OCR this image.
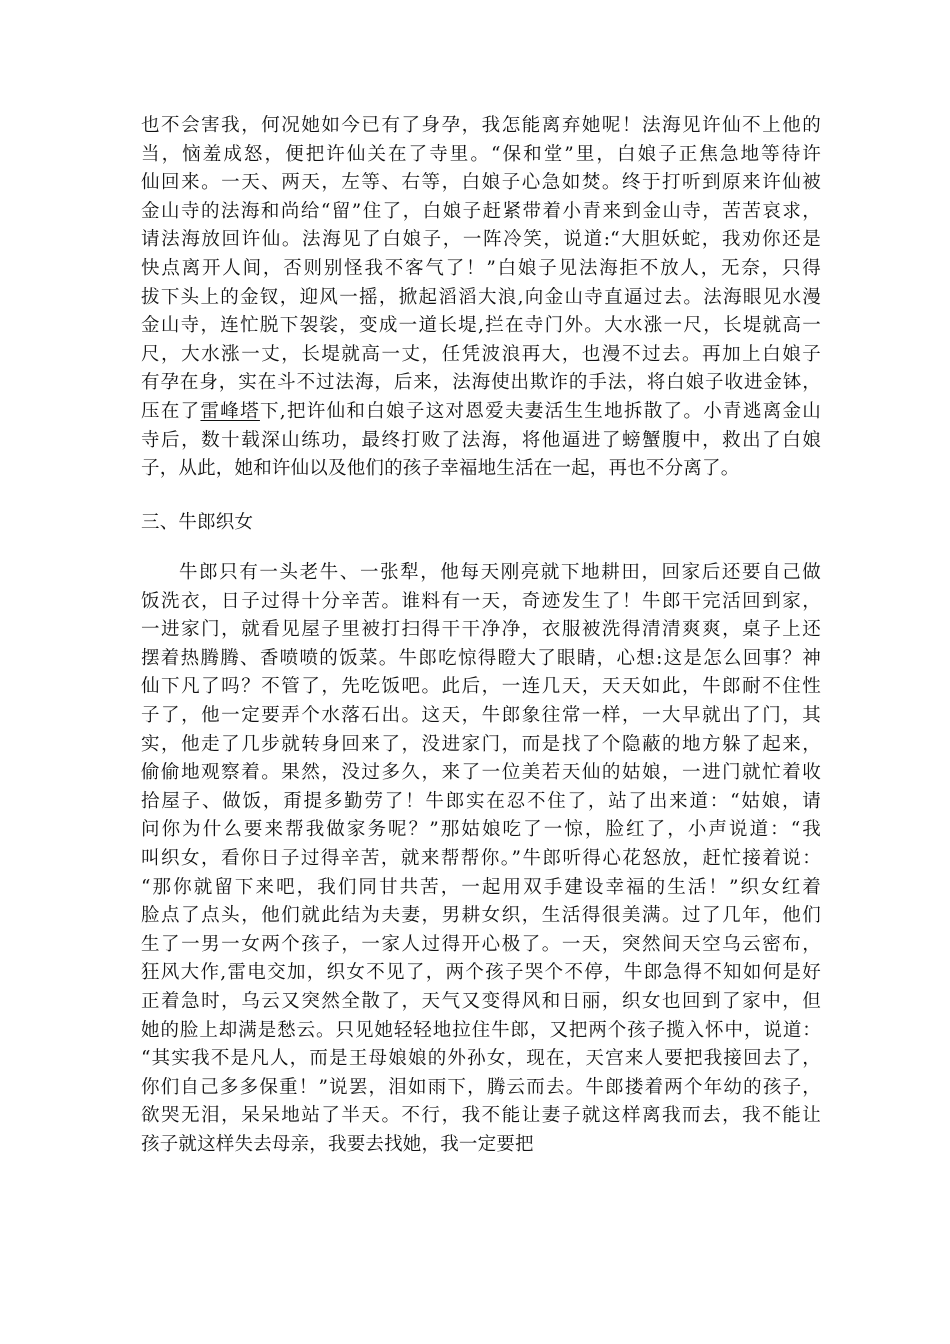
也不会害我，何况她如今已有了身孕，我怎能离弃她呢！法海见许仙不上他的
当，恼羞成怒，便把许仙关在了寺里。“保和堂”里，白娘子正焦急地等待许
仙回来。一天、两天，左等、右等，白娘子心急如焚。终于打听到原来许仙被
金山寺的法海和尚给“留”住了，白娘子赶紧带着小青来到金山寺，苦苦哀求，
请法海放回许仙。法海见了白娘子，一阵冷笑，说道:“大胆妖蛇，我劝你还是
快点离开人间，否则别怪我不客气了！”白娘子见法海拒不放人，无奈，只得
拔下头上的金钗，迎风一摇，掀起滔滔大浪,向金山寺直逼过去。法海眼见水漫
金山寺，连忙脱下袈裟，变成一道长堤,拦在寺门外。大水涨一尺，长堤就高一
尺，大水涨一丈，长堤就高一丈，任凭波浪再大，也漫不过去。再加上白娘子
有孕在身，实在斗不过法海，后来，法海使出欺诈的手法，将白娘子收进金钵，
压在了雷峰塔下,把许仙和白娘子这对恩爱夫妻活生生地拆散了。小青逃离金山
寺后，数十载深山练功，最终打败了法海，将他逼进了螃蟹腹中，救出了白娘
子，从此，她和许仙以及他们的孩子幸福地生活在一起，再也不分离了。
三、牛郎织女
牛郎只有一头老牛、一张犁，他每天刚亮就下地耕田，回家后还要自己做
饭洗衣，日子过得十分辛苦。谁料有一天，奇迹发生了！牛郎干完活回到家，
一进家门，就看见屋子里被打扫得干干净净，衣服被洗得清清爽爽，桌子上还
摆着热腾腾、香喷喷的饭菜。牛郎吃惊得瞪大了眼睛，心想:这是怎么回事？神
仙下凡了吗？不管了，先吃饭吧。此后，一连几天，天天如此，牛郎耐不住性
子了，他一定要弄个水落石出。这天，牛郎象往常一样，一大早就出了门，其
实，他走了几步就转身回来了，没进家门，而是找了个隐蔽的地方躲了起来，
偷偷地观察着。果然，没过多久，来了一位美若天仙的姑娘，一进门就忙着收
拾屋子、做饭，甭提多勤劳了！牛郎实在忍不住了，站了出来道：“姑娘，请
问你为什么要来帮我做家务呢？”那姑娘吃了一惊，脸红了，小声说道：“我
叫织女，看你日子过得辛苦，就来帮帮你。”牛郎听得心花怒放，赶忙接着说：
“那你就留下来吧，我们同甘共苦，一起用双手建设幸福的生活！”织女红着
脸点了点头，他们就此结为夫妻，男耕女织，生活得很美满。过了几年，他们
生了一男一女两个孩子，一家人过得开心极了。一天，突然间天空乌云密布，
狂风大作,雷电交加，织女不见了，两个孩子哭个不停，牛郎急得不知如何是好
正着急时，乌云又突然全散了，天气又变得风和日丽，织女也回到了家中，但
她的脸上却满是愁云。只见她轻轻地拉住牛郎，又把两个孩子揽入怀中，说道：
“其实我不是凡人，而是王母娘娘的外孙女，现在，天宫来人要把我接回去了，
你们自己多多保重！”说罢，泪如雨下，腾云而去。牛郎搂着两个年幼的孩子，
欲哭无泪，呆呆地站了半天。不行，我不能让妻子就这样离我而去，我不能让
孩子就这样失去母亲，我要去找她，我一定要把
